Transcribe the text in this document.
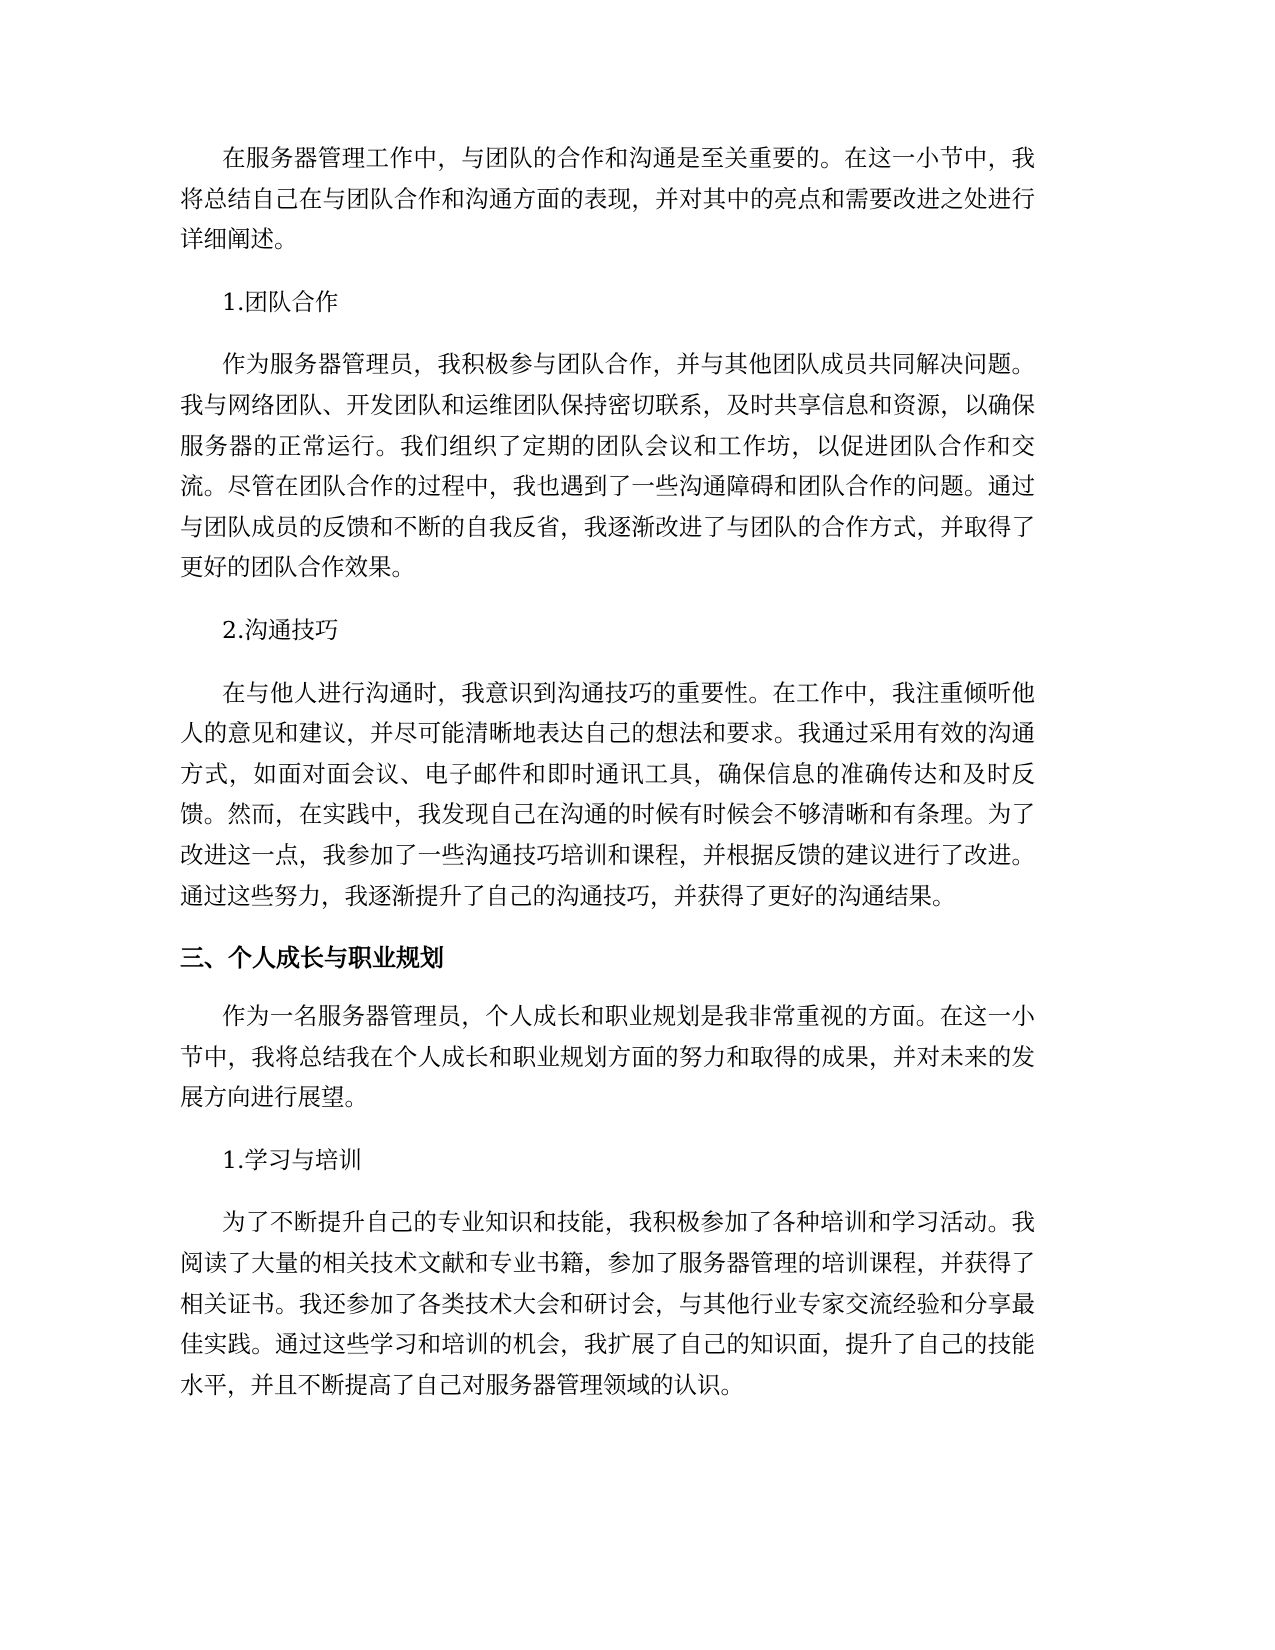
在服务器管理工作中，与团队的合作和沟通是至关重要的。在这一小节中，我将总结自己在与团队合作和沟通方面的表现，并对其中的亮点和需要改进之处进行详细阐述。

1.团队合作

作为服务器管理员，我积极参与团队合作，并与其他团队成员共同解决问题。我与网络团队、开发团队和运维团队保持密切联系，及时共享信息和资源，以确保服务器的正常运行。我们组织了定期的团队会议和工作坊，以促进团队合作和交流。尽管在团队合作的过程中，我也遇到了一些沟通障碍和团队合作的问题。通过与团队成员的反馈和不断的自我反省，我逐渐改进了与团队的合作方式，并取得了更好的团队合作效果。

2.沟通技巧

在与他人进行沟通时，我意识到沟通技巧的重要性。在工作中，我注重倾听他人的意见和建议，并尽可能清晰地表达自己的想法和要求。我通过采用有效的沟通方式，如面对面会议、电子邮件和即时通讯工具，确保信息的准确传达和及时反馈。然而，在实践中，我发现自己在沟通的时候有时候会不够清晰和有条理。为了改进这一点，我参加了一些沟通技巧培训和课程，并根据反馈的建议进行了改进。通过这些努力，我逐渐提升了自己的沟通技巧，并获得了更好的沟通结果。

三、个人成长与职业规划

作为一名服务器管理员，个人成长和职业规划是我非常重视的方面。在这一小节中，我将总结我在个人成长和职业规划方面的努力和取得的成果，并对未来的发展方向进行展望。

1.学习与培训

为了不断提升自己的专业知识和技能，我积极参加了各种培训和学习活动。我阅读了大量的相关技术文献和专业书籍，参加了服务器管理的培训课程，并获得了相关证书。我还参加了各类技术大会和研讨会，与其他行业专家交流经验和分享最佳实践。通过这些学习和培训的机会，我扩展了自己的知识面，提升了自己的技能水平，并且不断提高了自己对服务器管理领域的认识。
